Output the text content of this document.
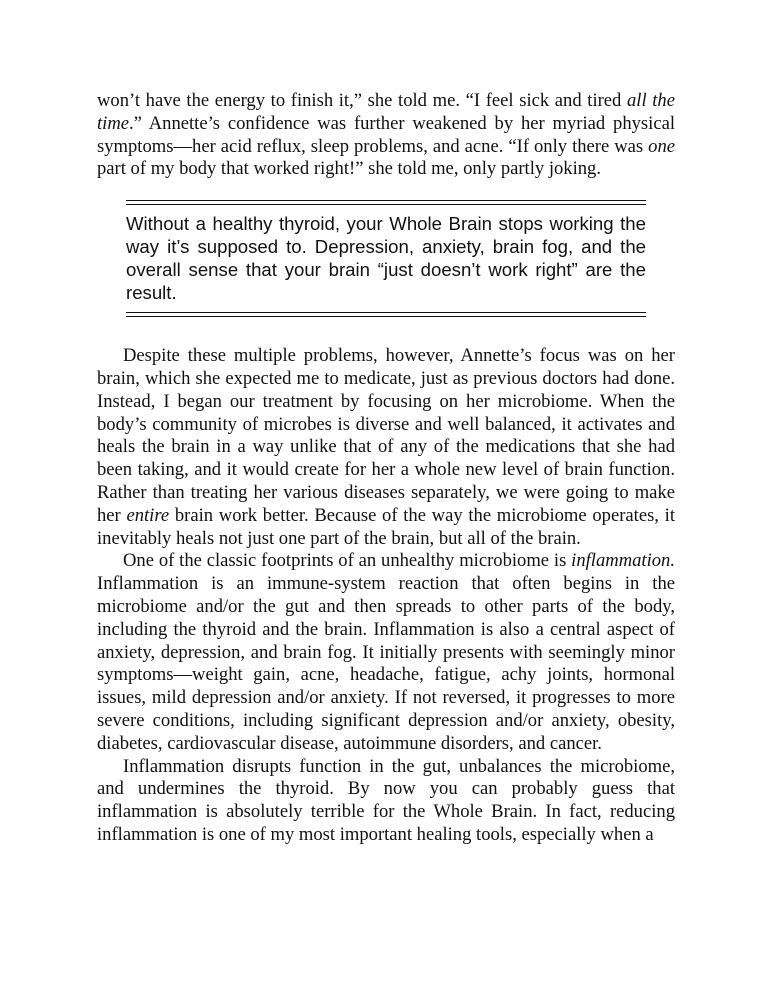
won’t have the energy to finish it,” she told me. “I feel sick and tired all the time.” Annette’s confidence was further weakened by her myriad physical symptoms—her acid reflux, sleep problems, and acne. “If only there was one part of my body that worked right!” she told me, only partly joking.

Without a healthy thyroid, your Whole Brain stops working the way it’s supposed to. Depression, anxiety, brain fog, and the overall sense that your brain “just doesn’t work right” are the result.

Despite these multiple problems, however, Annette’s focus was on her brain, which she expected me to medicate, just as previous doctors had done. Instead, I began our treatment by focusing on her microbiome. When the body’s community of microbes is diverse and well balanced, it activates and heals the brain in a way unlike that of any of the medications that she had been taking, and it would create for her a whole new level of brain function. Rather than treating her various diseases separately, we were going to make her entire brain work better. Because of the way the microbiome operates, it inevitably heals not just one part of the brain, but all of the brain.

One of the classic footprints of an unhealthy microbiome is inflammation. Inflammation is an immune-system reaction that often begins in the microbiome and/or the gut and then spreads to other parts of the body, including the thyroid and the brain. Inflammation is also a central aspect of anxiety, depression, and brain fog. It initially presents with seemingly minor symptoms—weight gain, acne, headache, fatigue, achy joints, hormonal issues, mild depression and/or anxiety. If not reversed, it progresses to more severe conditions, including significant depression and/or anxiety, obesity, diabetes, cardiovascular disease, autoimmune disorders, and cancer.

Inflammation disrupts function in the gut, unbalances the microbiome, and undermines the thyroid. By now you can probably guess that inflammation is absolutely terrible for the Whole Brain. In fact, reducing inflammation is one of my most important healing tools, especially when a
